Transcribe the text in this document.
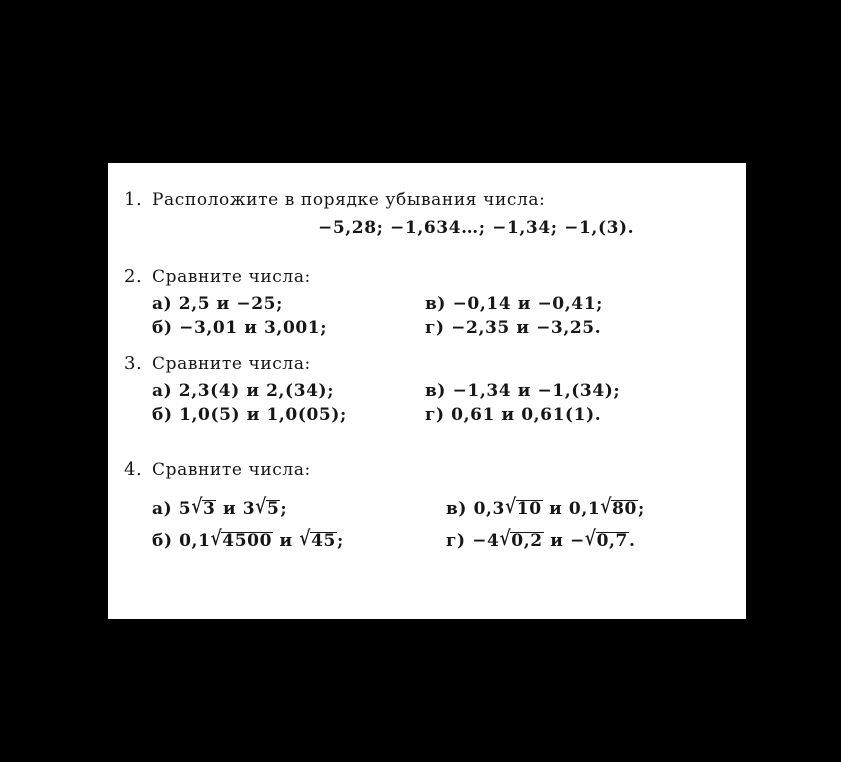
1. Расположите в порядке убывания числа:
−5,28; −1,634…; −1,34; −1,(3).
2. Сравните числа:
а) 2,5 и −25;
б) −3,01 и 3,001;
в) −0,14 и −0,41;
г) −2,35 и −3,25.
3. Сравните числа:
а) 2,3(4) и 2,(34);
б) 1,0(5) и 1,0(05);
в) −1,34 и −1,(34);
г) 0,61 и 0,61(1).
4. Сравните числа:
а) 5√3 и 3√5;
б) 0,1√4500 и √45;
в) 0,3√10 и 0,1√80;
г) −4√0,2 и −√0,7.
